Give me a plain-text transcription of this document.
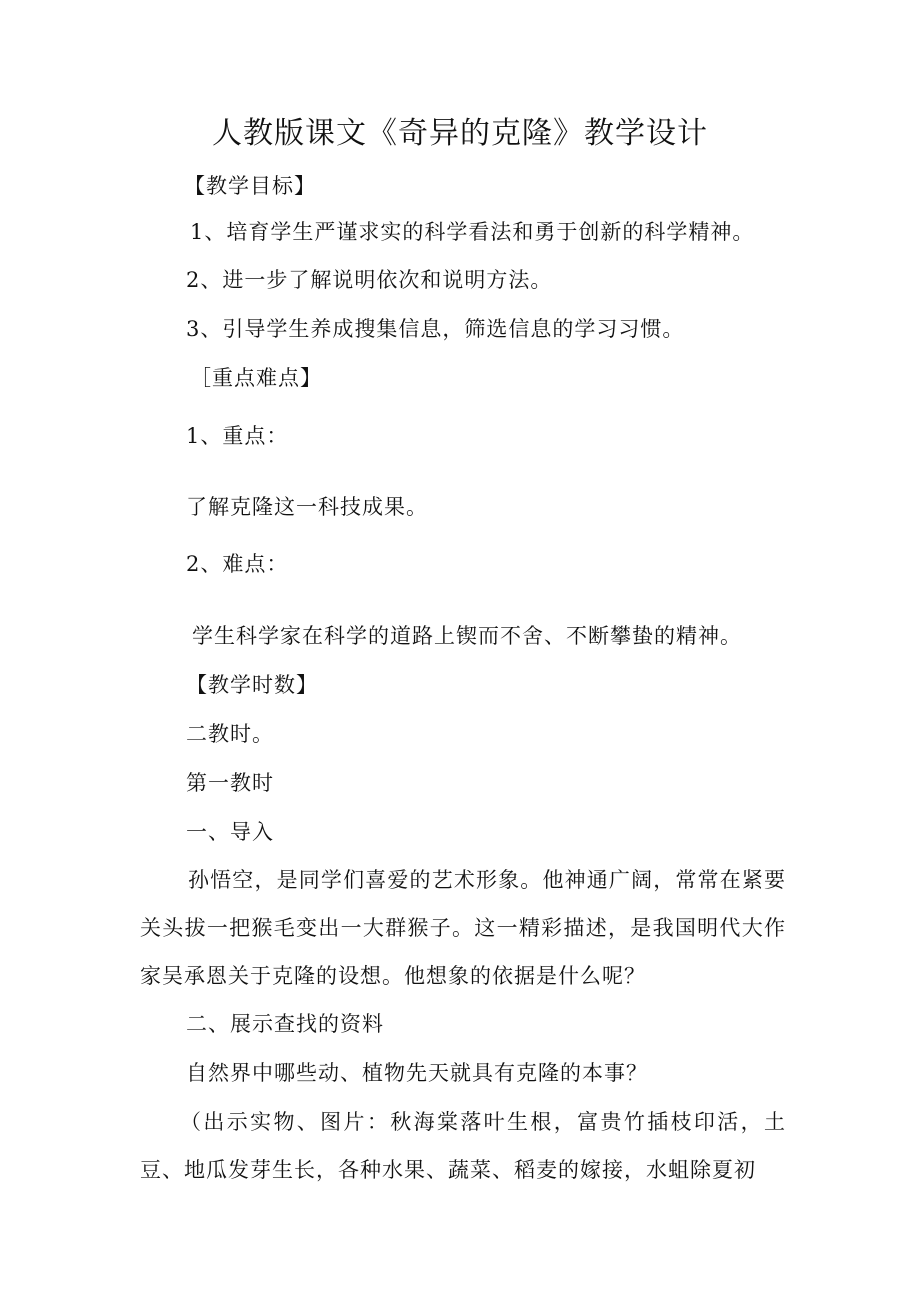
人教版课文《奇异的克隆》教学设计
【教学目标】
1、培育学生严谨求实的科学看法和勇于创新的科学精神。
2、进一步了解说明依次和说明方法。
3、引导学生养成搜集信息，筛选信息的学习习惯。
［重点难点】
1、重点：
了解克隆这一科技成果。
2、难点：
学生科学家在科学的道路上锲而不舍、不断攀蛰的精神。
【教学时数】
二教时。
第一教时
一、导入
孙悟空，是同学们喜爱的艺术形象。他神通广阔，常常在紧要关头拔一把猴毛变出一大群猴子。这一精彩描述，是我国明代大作家吴承恩关于克隆的设想。他想象的依据是什么呢？
二、展示查找的资料
自然界中哪些动、植物先天就具有克隆的本事？
（出示实物、图片：秋海棠落叶生根，富贵竹插枝印活，土豆、地瓜发芽生长，各种水果、蔬菜、稻麦的嫁接，水蛆除夏初
